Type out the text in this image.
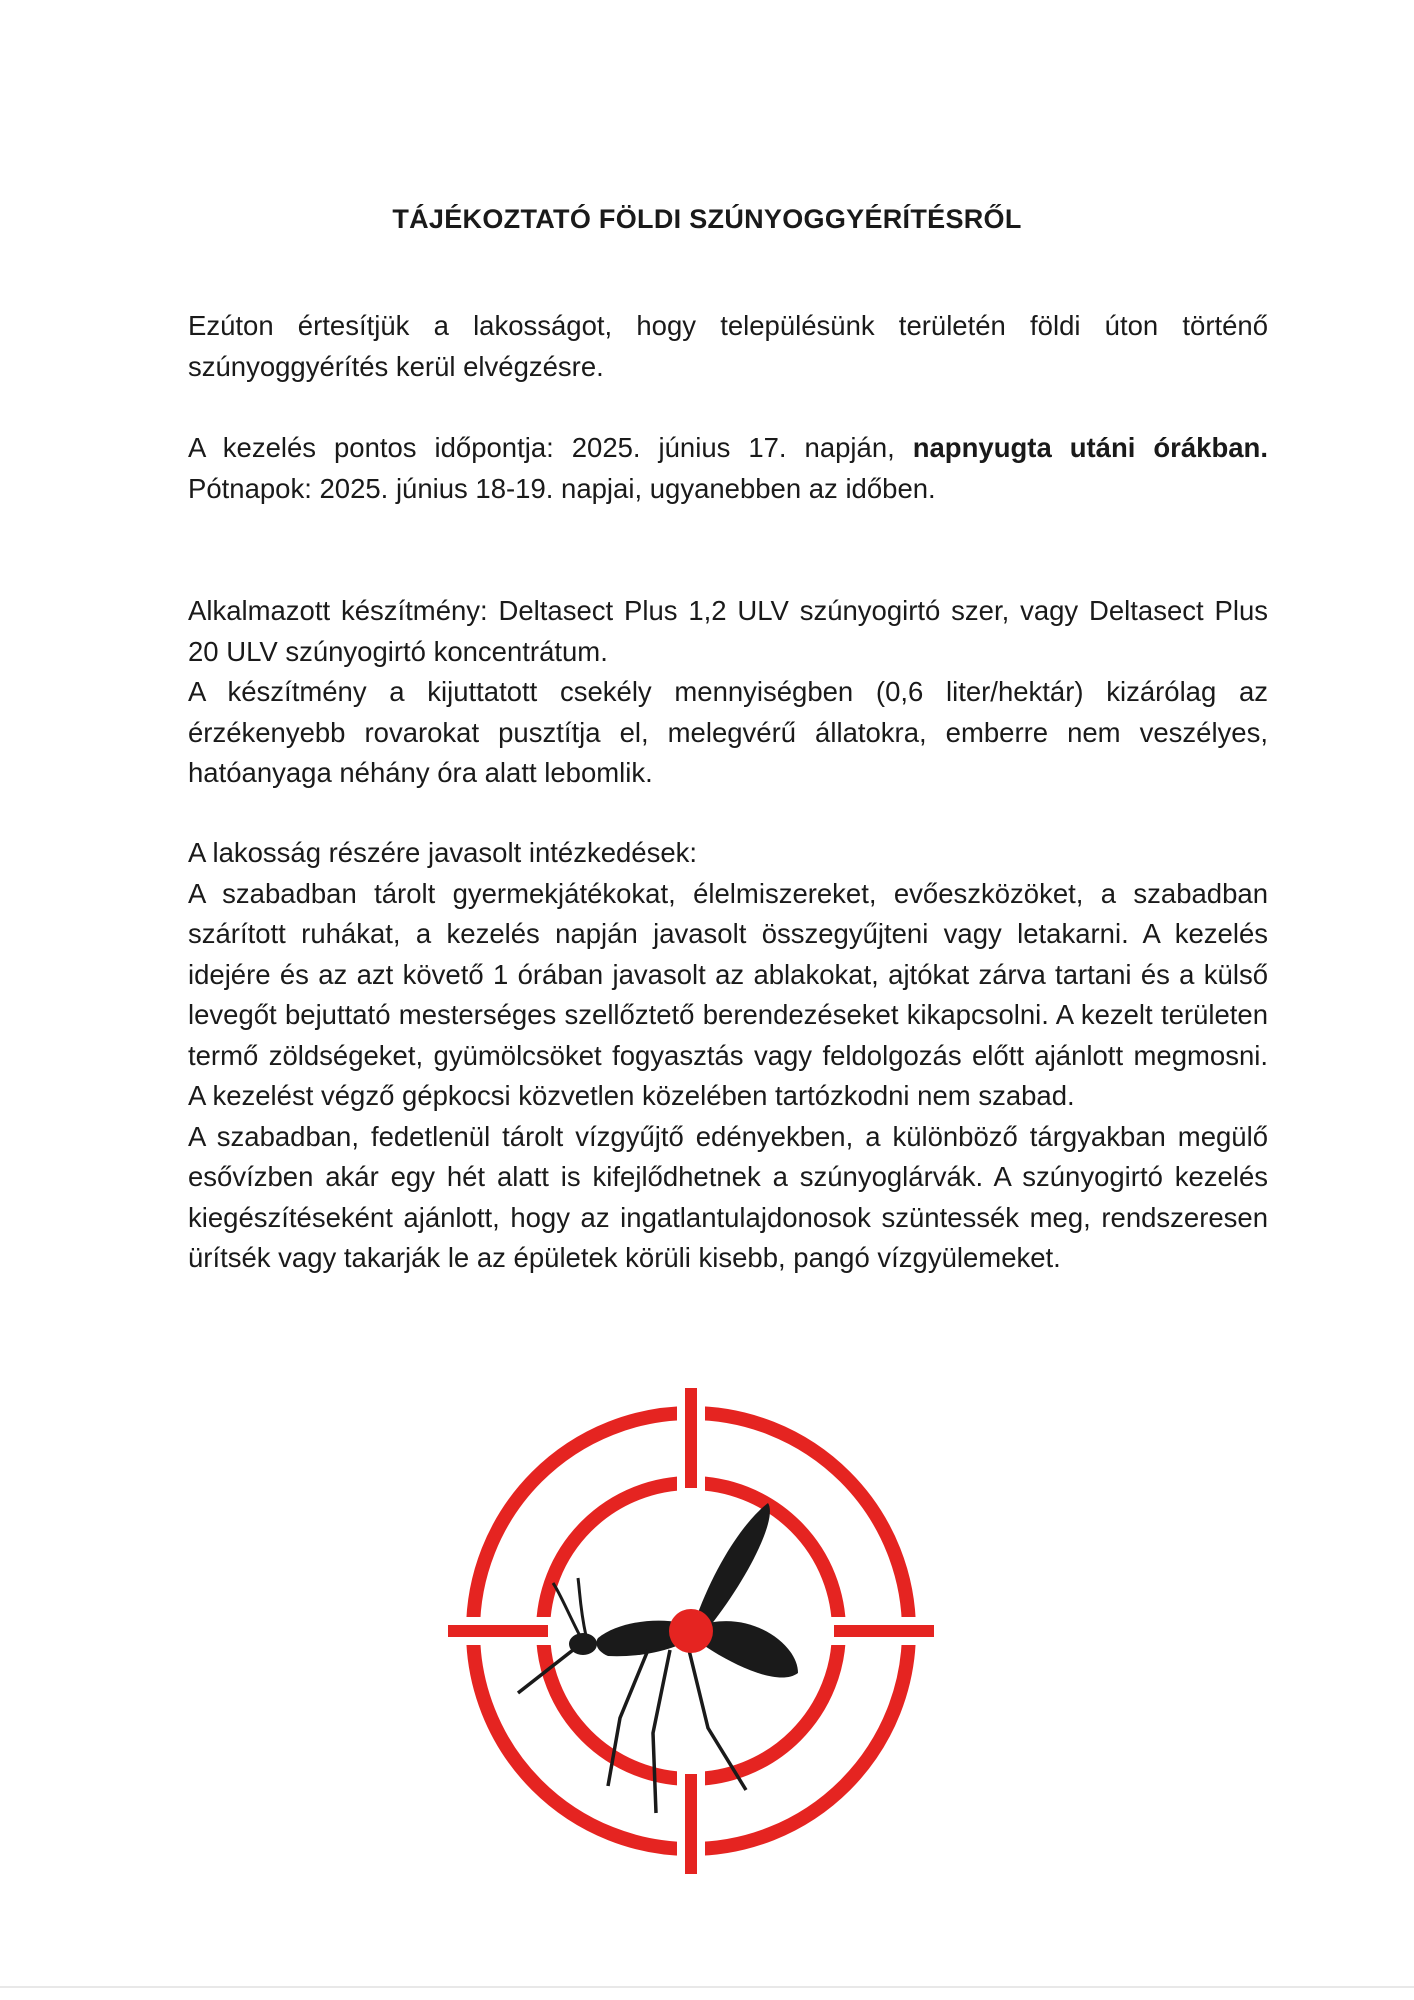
TÁJÉKOZTATÓ FÖLDI SZÚNYOGGYÉRÍTÉSRŐL

Ezúton értesítjük a lakosságot, hogy településünk területén földi úton történő szúnyoggyérítés kerül elvégzésre.

A kezelés pontos időpontja: 2025. június 17. napján, napnyugta utáni órákban. Pótnapok: 2025. június 18-19. napjai, ugyanebben az időben.

Alkalmazott készítmény: Deltasect Plus 1,2 ULV szúnyogirtó szer, vagy Deltasect Plus 20 ULV szúnyogirtó koncentrátum.

A készítmény a kijuttatott csekély mennyiségben (0,6 liter/hektár) kizárólag az érzékenyebb rovarokat pusztítja el, melegvérű állatokra, emberre nem veszélyes, hatóanyaga néhány óra alatt lebomlik.

A lakosság részére javasolt intézkedések:

A szabadban tárolt gyermekjátékokat, élelmiszereket, evőeszközöket, a szabadban szárított ruhákat, a kezelés napján javasolt összegyűjteni vagy letakarni. A kezelés idejére és az azt követő 1 órában javasolt az ablakokat, ajtókat zárva tartani és a külső levegőt bejuttató mesterséges szellőztető berendezéseket kikapcsolni. A kezelt területen termő zöldségeket, gyümölcsöket fogyasztás vagy feldolgozás előtt ajánlott megmosni. A kezelést végző gépkocsi közvetlen közelében tartózkodni nem szabad.

A szabadban, fedetlenül tárolt vízgyűjtő edényekben, a különböző tárgyakban megülő esővízben akár egy hét alatt is kifejlődhetnek a szúnyoglárvák. A szúnyogirtó kezelés kiegészítéseként ajánlott, hogy az ingatlantulajdonosok szüntessék meg, rendszeresen ürítsék vagy takarják le az épületek körüli kisebb, pangó vízgyülemeket.
